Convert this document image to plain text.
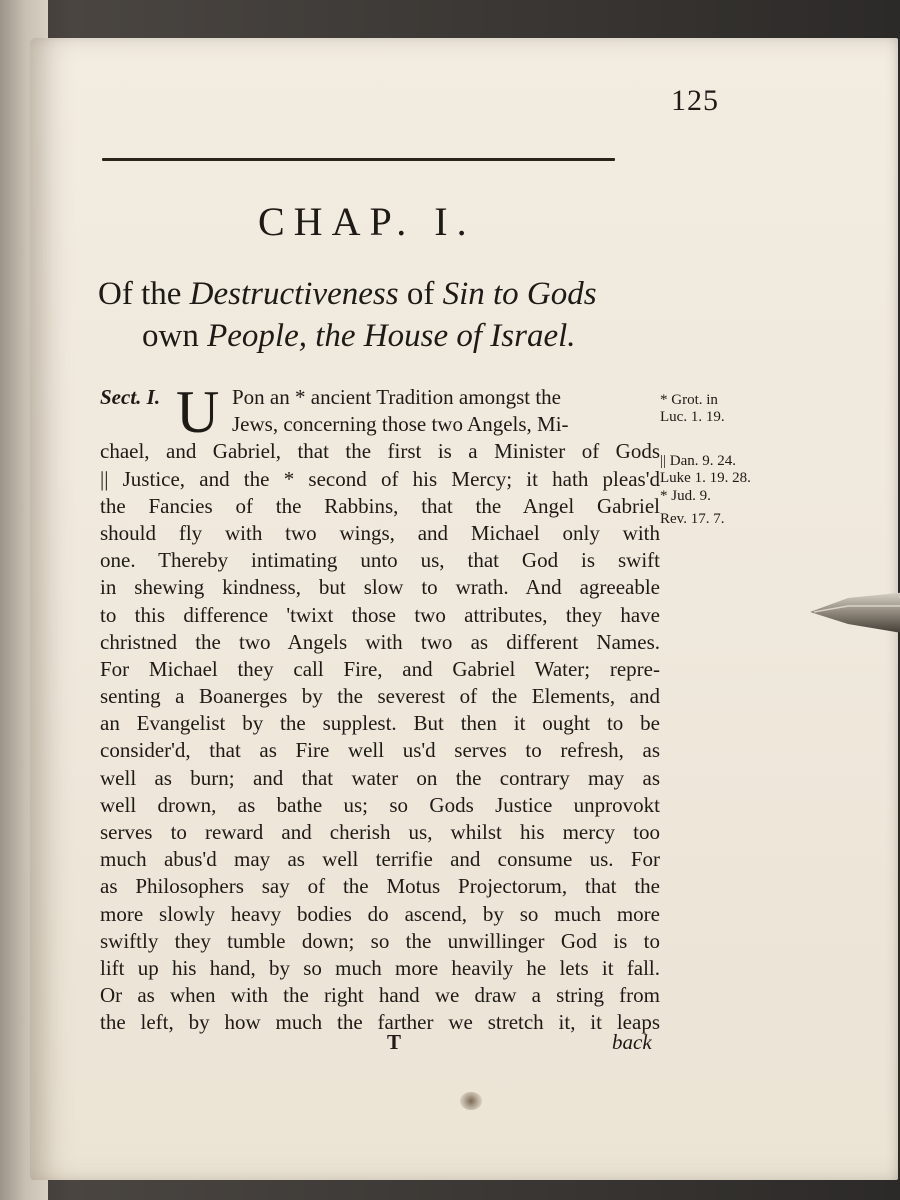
125
CHAP. I.
Of the Destructiveness of Sin to Gods
own People, the House of Israel.
U
Sect. I.	Pon an * ancient Tradition amongst the
Jews, concerning those two Angels, Mi-
chael, and Gabriel, that the first is a Minister of Gods
|| Justice, and the * second of his Mercy; it hath pleas'd
the Fancies of the Rabbins, that the Angel Gabriel
should fly with two wings, and Michael only with
one. Thereby intimating unto us, that God is swift
in shewing kindness, but slow to wrath. And agreeable
to this difference 'twixt those two attributes, they have
christned the two Angels with two as different Names.
For Michael they call Fire, and Gabriel Water; repre-
senting a Boanerges by the severest of the Elements, and
an Evangelist by the supplest. But then it ought to be
consider'd, that as Fire well us'd serves to refresh, as
well as burn; and that water on the contrary may as
well drown, as bathe us; so Gods Justice unprovokt
serves to reward and cherish us, whilst his mercy too
much abus'd may as well terrifie and consume us. For
as Philosophers say of the Motus Projectorum, that the
more slowly heavy bodies do ascend, by so much more
swiftly they tumble down; so the unwillinger God is to
lift up his hand, by so much more heavily he lets it fall.
Or as when with the right hand we draw a string from
the left, by how much the farther we stretch it, it leaps
* Grot. in
Luc. 1. 19.
|| Dan. 9. 24.
Luke 1. 19. 28.
* Jud. 9.
Rev. 17. 7.
T	back
